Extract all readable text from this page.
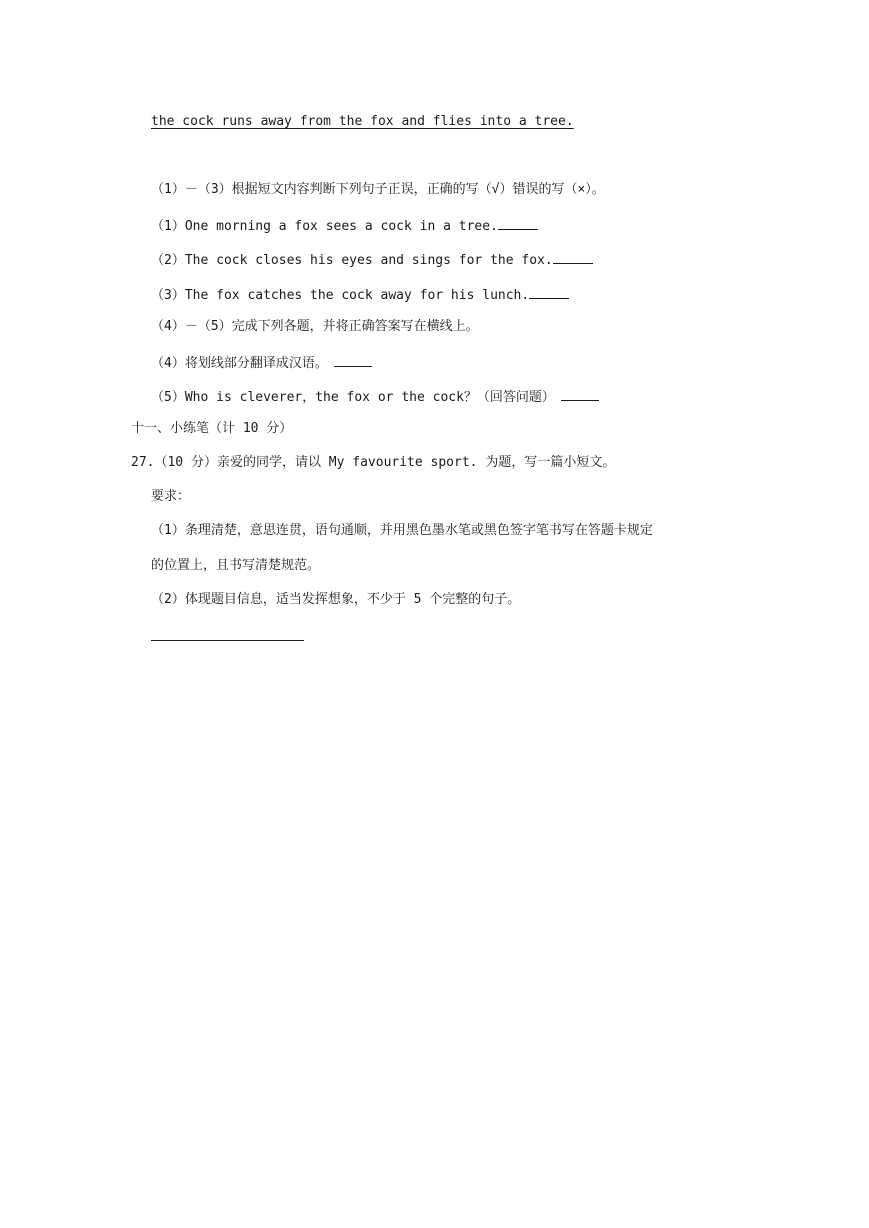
the cock runs away from the fox and flies into a tree.
（1）－（3）根据短文内容判断下列句子正误，正确的写（√）错误的写（×）。
（1）One morning a fox sees a cock in a tree.
（2）The cock closes his eyes and sings for the fox.
（3）The fox catches the cock away for his lunch.
（4）－（5）完成下列各题，并将正确答案写在横线上。
（4）将划线部分翻译成汉语。
（5）Who is cleverer，the fox or the cock？（回答问题）
十一、小练笔（计 10 分）
27.（10 分）亲爱的同学，请以 My favourite sport. 为题，写一篇小短文。
要求：
（1）条理清楚，意思连贯，语句通顺，并用黑色墨水笔或黑色签字笔书写在答题卡规定
的位置上，且书写清楚规范。
（2）体现题目信息，适当发挥想象，不少于 5 个完整的句子。
